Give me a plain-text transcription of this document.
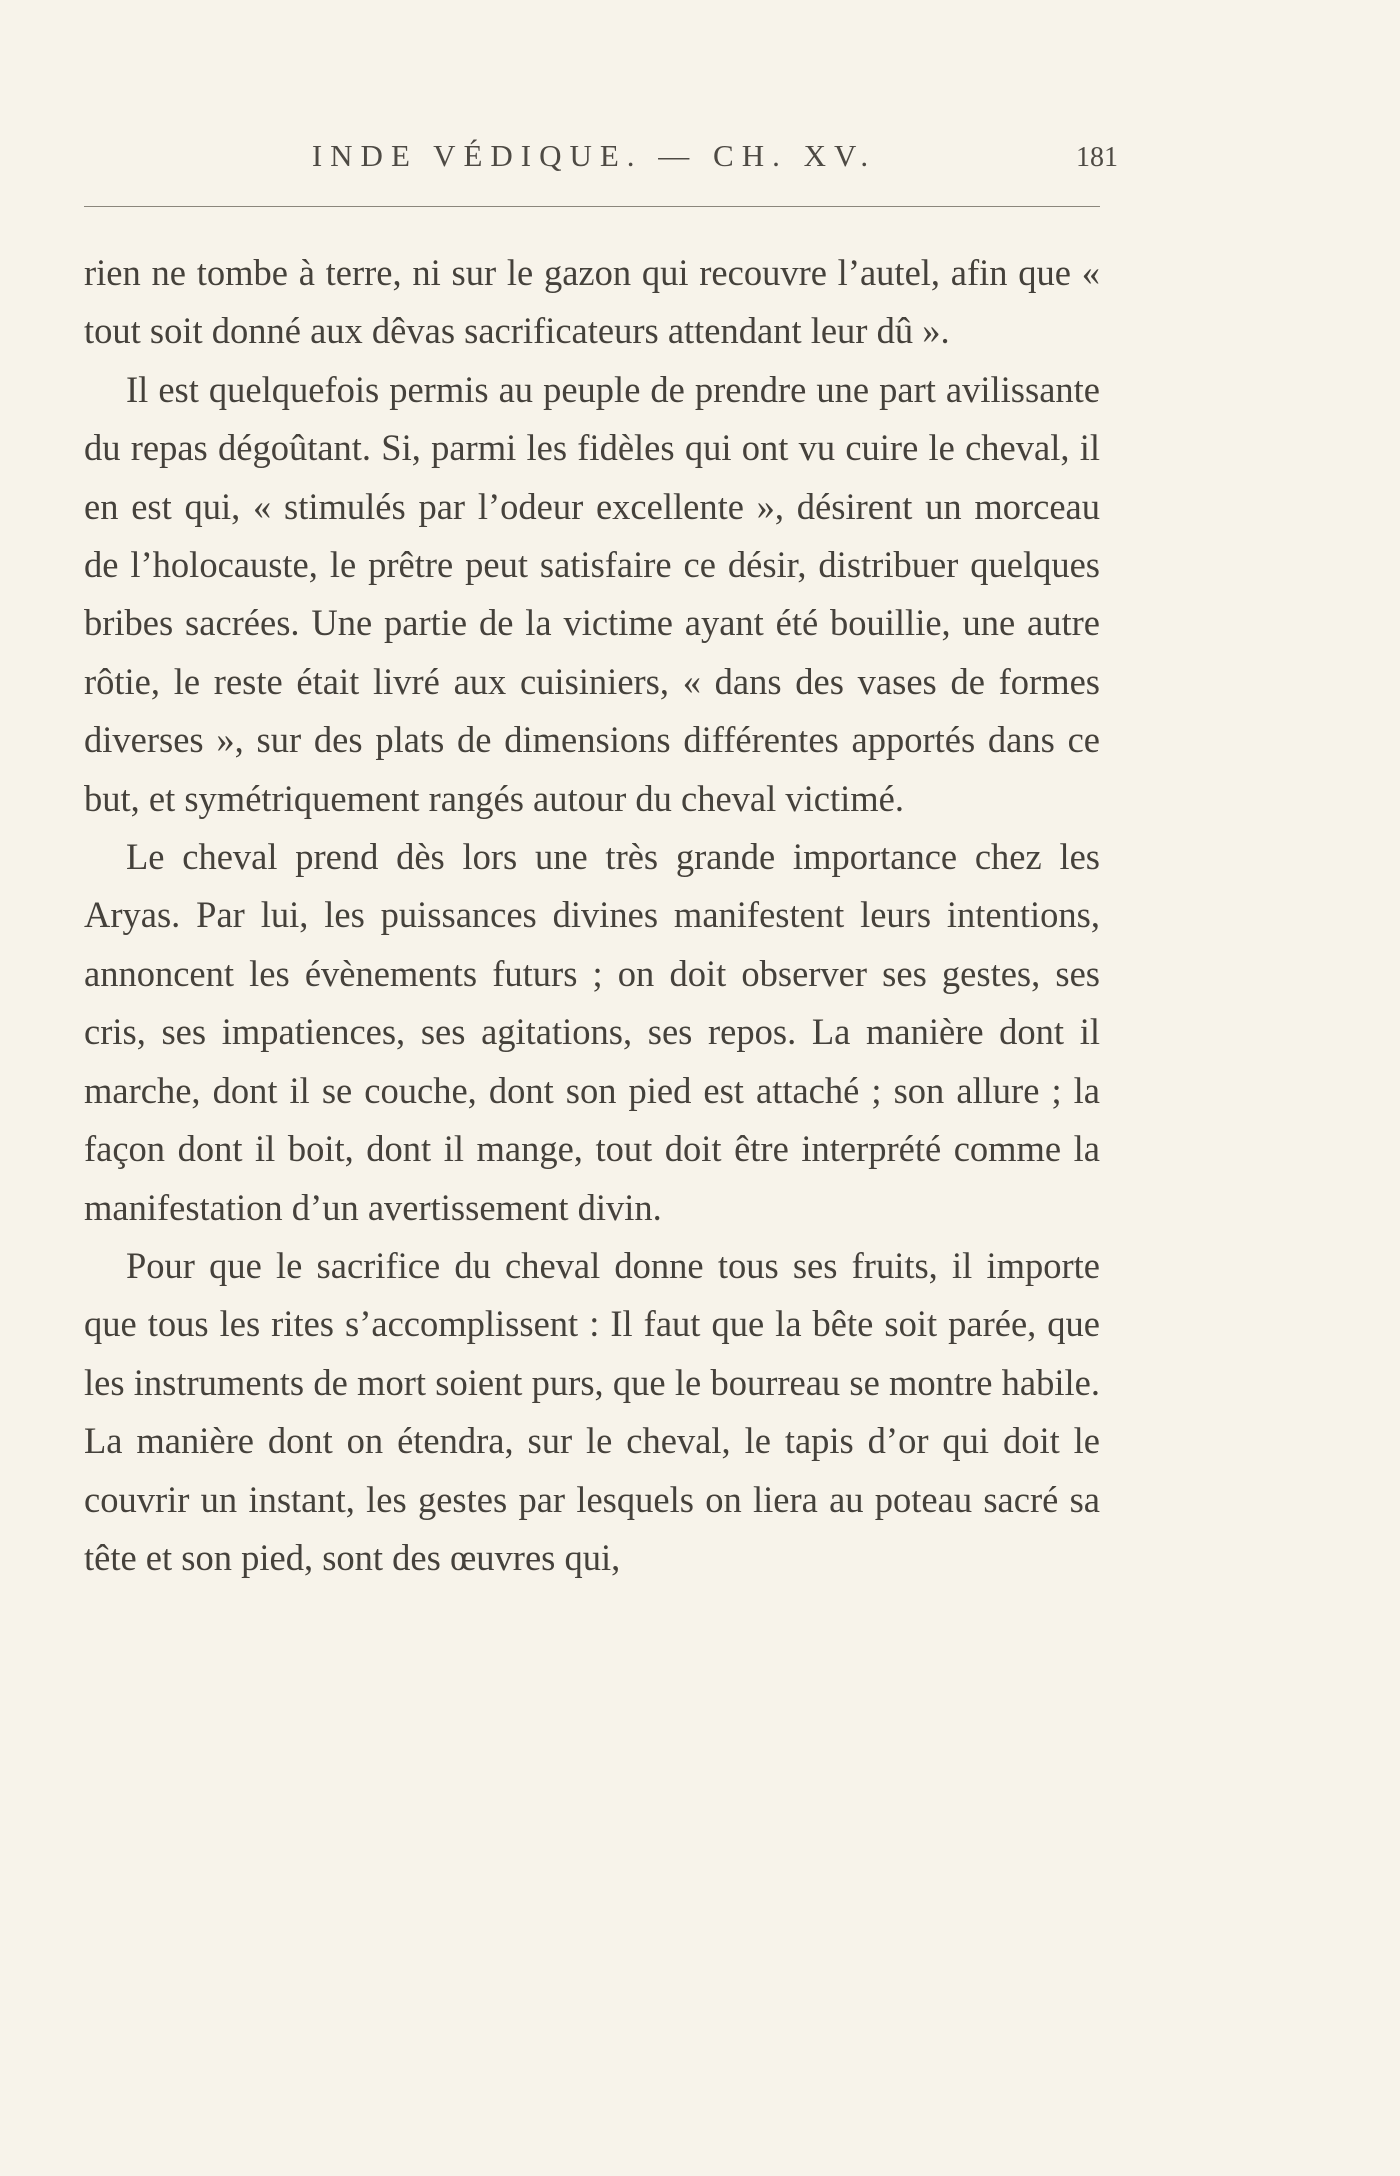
INDE VÉDIQUE. — CH. XV.	181

rien ne tombe à terre, ni sur le gazon qui recouvre l’autel, afin que « tout soit donné aux dêvas sacrificateurs attendant leur dû ».

Il est quelquefois permis au peuple de prendre une part avilissante du repas dégoûtant. Si, parmi les fidèles qui ont vu cuire le cheval, il en est qui, « stimulés par l’odeur excellente », désirent un morceau de l’holocauste, le prêtre peut satisfaire ce désir, distribuer quelques bribes sacrées. Une partie de la victime ayant été bouillie, une autre rôtie, le reste était livré aux cuisiniers, « dans des vases de formes diverses », sur des plats de dimensions différentes apportés dans ce but, et symétriquement rangés autour du cheval victimé.

Le cheval prend dès lors une très grande importance chez les Aryas. Par lui, les puissances divines manifestent leurs intentions, annoncent les évènements futurs ; on doit observer ses gestes, ses cris, ses impatiences, ses agitations, ses repos. La manière dont il marche, dont il se couche, dont son pied est attaché ; son allure ; la façon dont il boit, dont il mange, tout doit être interprété comme la manifestation d’un avertissement divin.

Pour que le sacrifice du cheval donne tous ses fruits, il importe que tous les rites s’accomplissent : Il faut que la bête soit parée, que les instruments de mort soient purs, que le bourreau se montre habile. La manière dont on étendra, sur le cheval, le tapis d’or qui doit le couvrir un instant, les gestes par lesquels on liera au poteau sacré sa tête et son pied, sont des œuvres qui,
